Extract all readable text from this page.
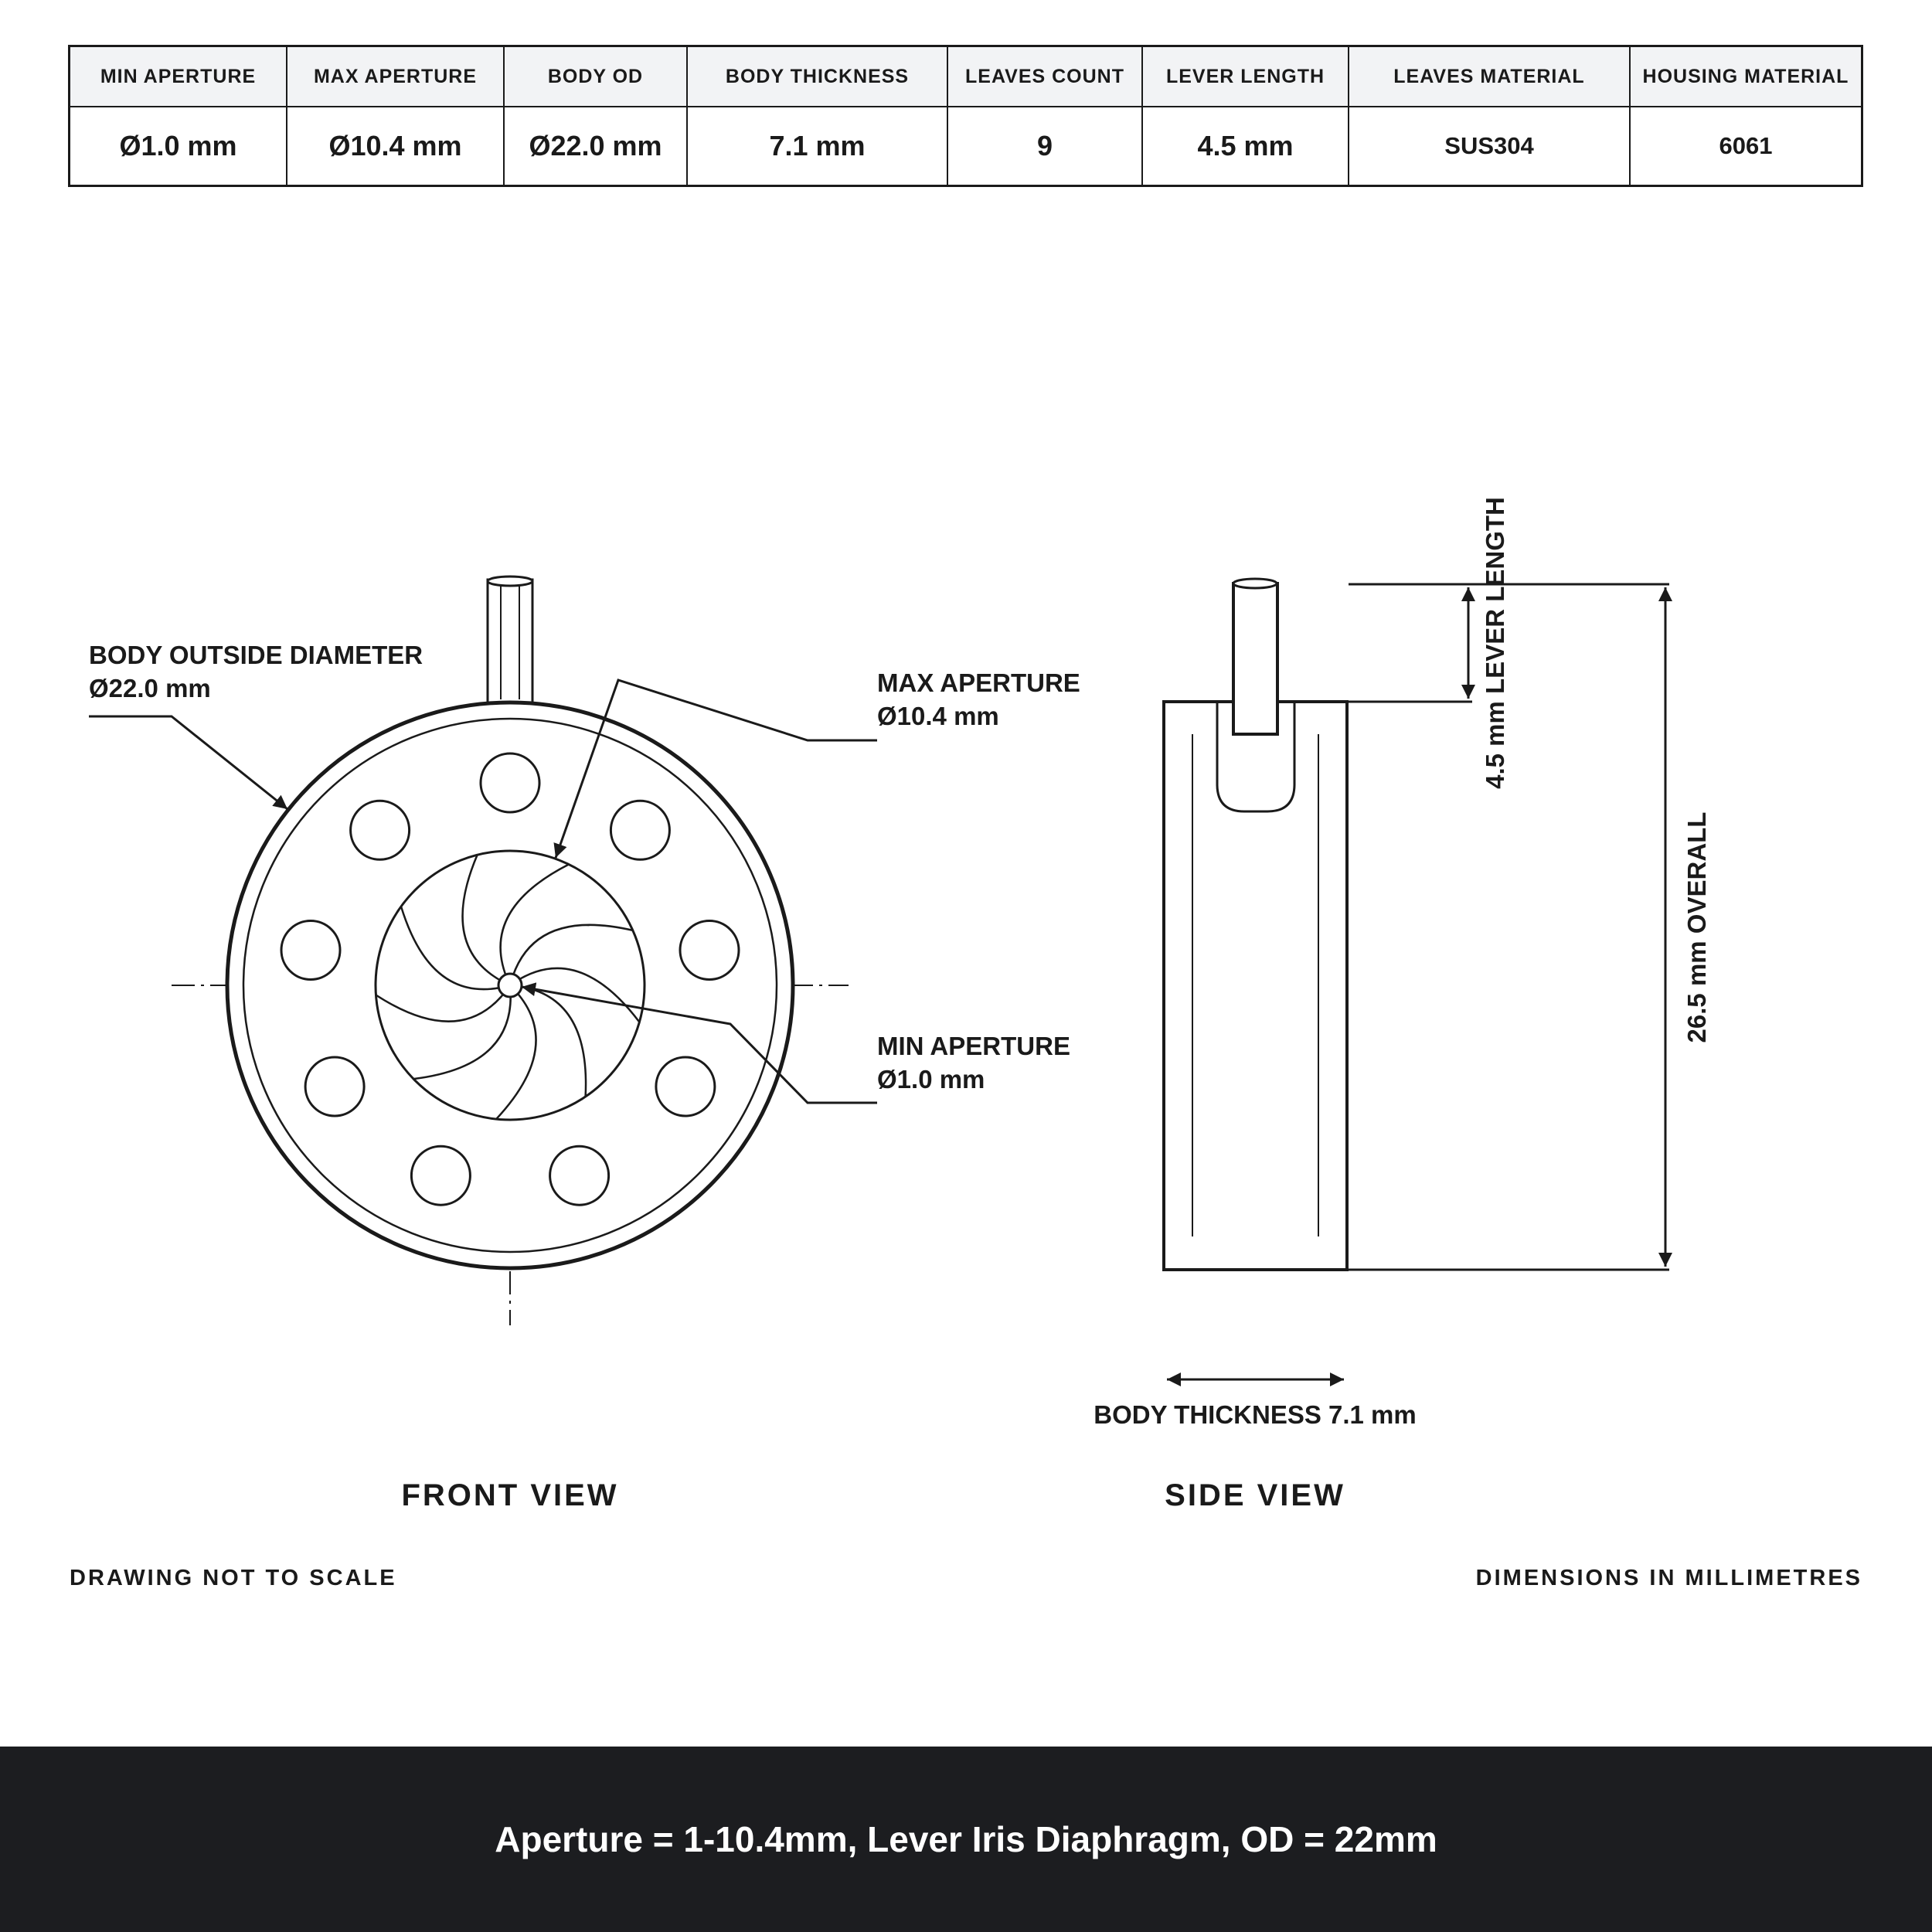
MIN APERTURE	MAX APERTURE	BODY OD	BODY THICKNESS	LEAVES COUNT	LEVER LENGTH	LEAVES MATERIAL	HOUSING MATERIAL
Ø1.0 mm	Ø10.4 mm	Ø22.0 mm	7.1 mm	9	4.5 mm	SUS304	6061
BODY OUTSIDE DIAMETER
Ø22.0 mm	MAX APERTURE
Ø10.4 mm
MIN APERTURE
Ø1.0 mm
FRONT VIEW
4.5 mm LEVER LENGTH
26.5 mm OVERALL
BODY THICKNESS 7.1 mm
SIDE VIEW
DRAWING NOT TO SCALE	DIMENSIONS IN MILLIMETRES
Aperture = 1-10.4mm, Lever Iris Diaphragm, OD = 22mm
